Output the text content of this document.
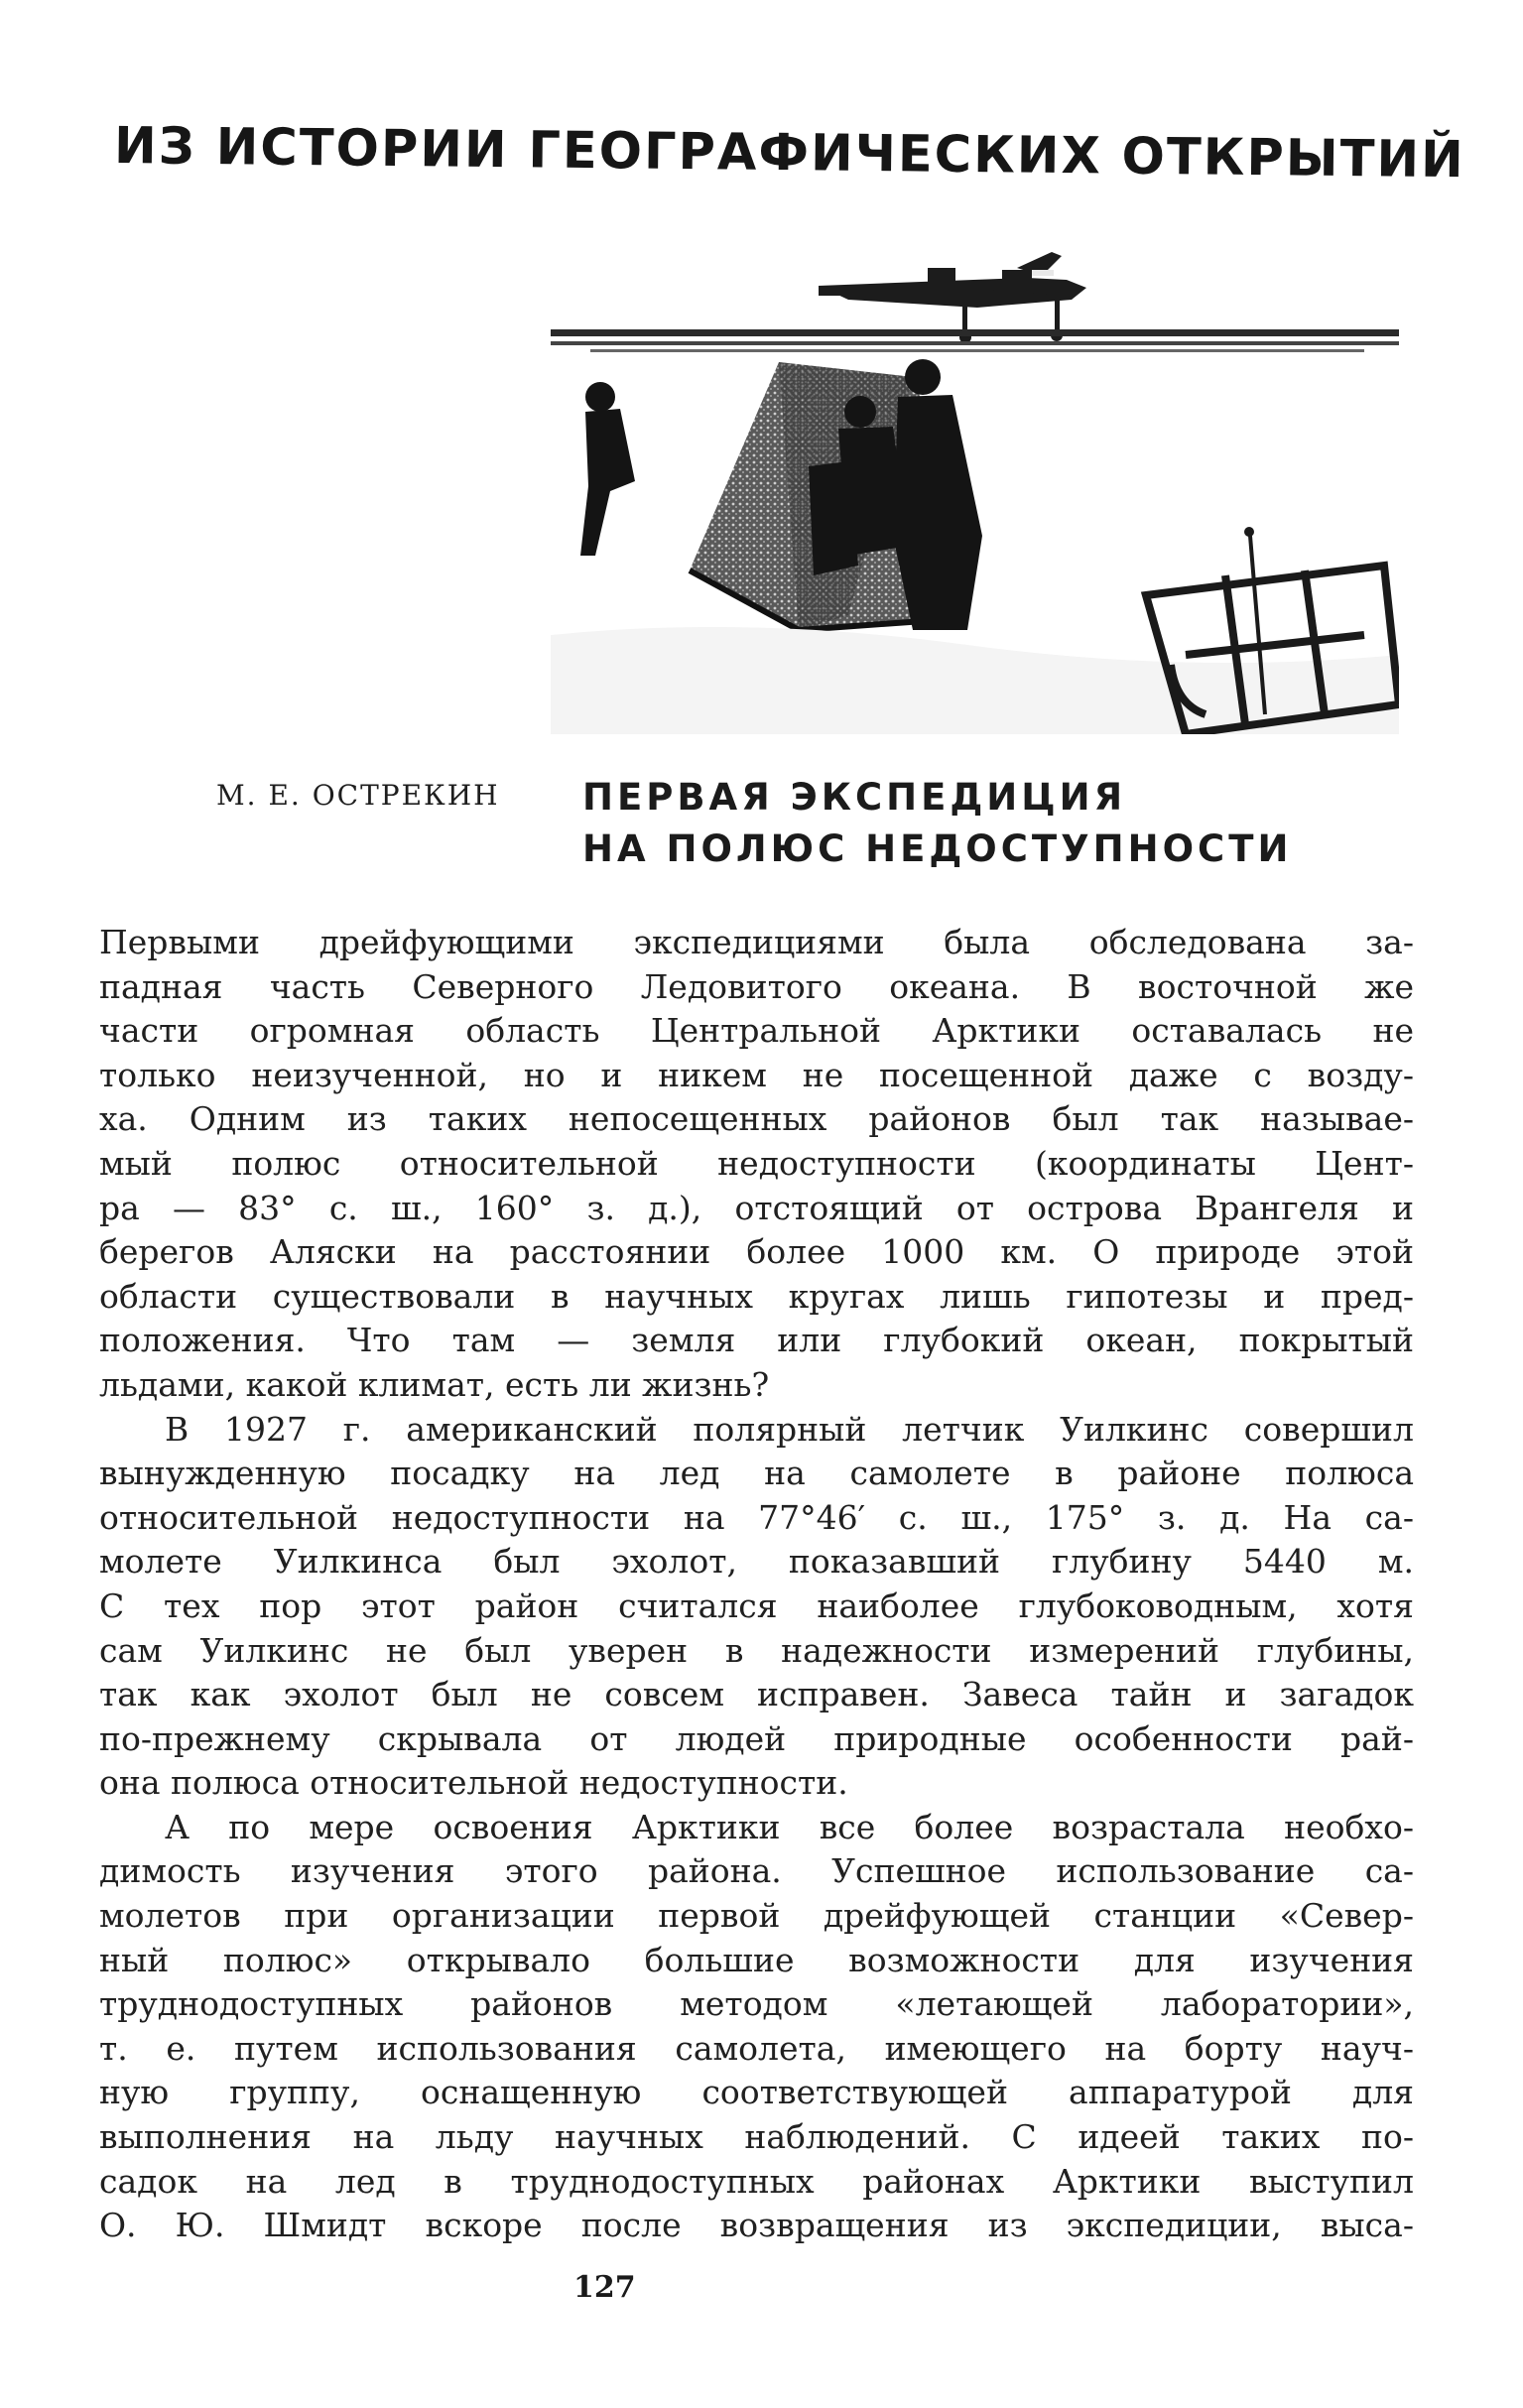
ИЗ ИСТОРИИ ГЕОГРАФИЧЕСКИХ ОТКРЫТИЙ
М. Е. ОСТРЕКИН ПЕРВАЯ ЭКСПЕДИЦИЯ
НА ПОЛЮС НЕДОСТУПНОСТИ
Первыми дрейфующими экспедициями была обследована за-
падная часть Северного Ледовитого океана. В восточной же
части огромная область Центральной Арктики оставалась не
только неизученной, но и никем не посещенной даже с возду-
ха. Одним из таких непосещенных районов был так называе-
мый полюс относительной недоступности (координаты Цент-
ра — 83° с. ш., 160° з. д.), отстоящий от острова Врангеля и
берегов Аляски на расстоянии более 1000 км. О природе этой
области существовали в научных кругах лишь гипотезы и пред-
положения. Что там — земля или глубокий океан, покрытый
льдами, какой климат, есть ли жизнь?
В 1927 г. американский полярный летчик Уилкинс совершил
вынужденную посадку на лед на самолете в районе полюса
относительной недоступности на 77°46′ с. ш., 175° з. д. На са-
молете Уилкинса был эхолот, показавший глубину 5440 м.
С тех пор этот район считался наиболее глубоководным, хотя
сам Уилкинс не был уверен в надежности измерений глубины,
так как эхолот был не совсем исправен. Завеса тайн и загадок
по-прежнему скрывала от людей природные особенности рай-
она полюса относительной недоступности.
А по мере освоения Арктики все более возрастала необхо-
димость изучения этого района. Успешное использование са-
молетов при организации первой дрейфующей станции «Север-
ный полюс» открывало большие возможности для изучения
труднодоступных районов методом «летающей лаборатории»,
т. е. путем использования самолета, имеющего на борту науч-
ную группу, оснащенную соответствующей аппаратурой для
выполнения на льду научных наблюдений. С идеей таких по-
садок на лед в труднодоступных районах Арктики выступил
О. Ю. Шмидт вскоре после возвращения из экспедиции, выса-
127
